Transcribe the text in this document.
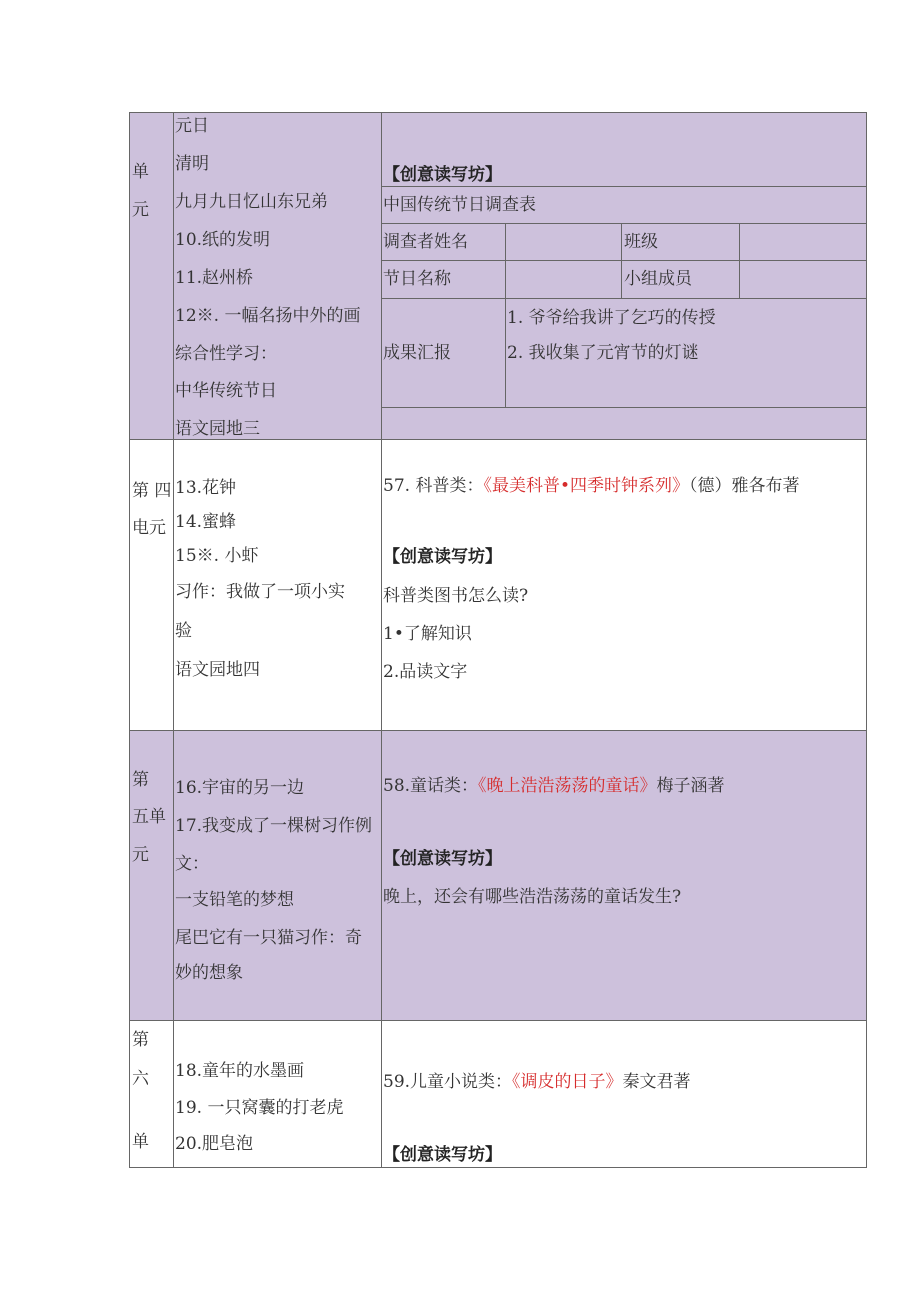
单
元
元日
清明
九月九日忆山东兄弟
10.纸的发明
11.赵州桥
12※. 一幅名扬中外的画
综合性学习：
中华传统节日
语文园地三
【创意读写坊】
中国传统节日调查表
调查者姓名	班级
节日名称	小组成员
成果汇报
1. 爷爷给我讲了乞巧的传授
2. 我收集了元宵节的灯谜
第 四
电元
13.花钟
14.蜜蜂
15※. 小虾
习作：我做了一项小实
验
语文园地四
57. 科普类：《最美科普•四季时钟系列》（德）雅各布著
【创意读写坊】
科普类图书怎么读?
1•了解知识
2.品读文字
第
五单
元
16.宇宙的另一边
17.我变成了一棵树习作例
文：
一支铅笔的梦想
尾巴它有一只猫习作：奇
妙的想象
58.童话类：《晚上浩浩荡荡的童话》梅子涵著
【创意读写坊】
晚上，还会有哪些浩浩荡荡的童话发生?
第
六
单
18.童年的水墨画
19. 一只窝囊的打老虎
20.肥皂泡
59.儿童小说类：《调皮的日子》秦文君著
【创意读写坊】
